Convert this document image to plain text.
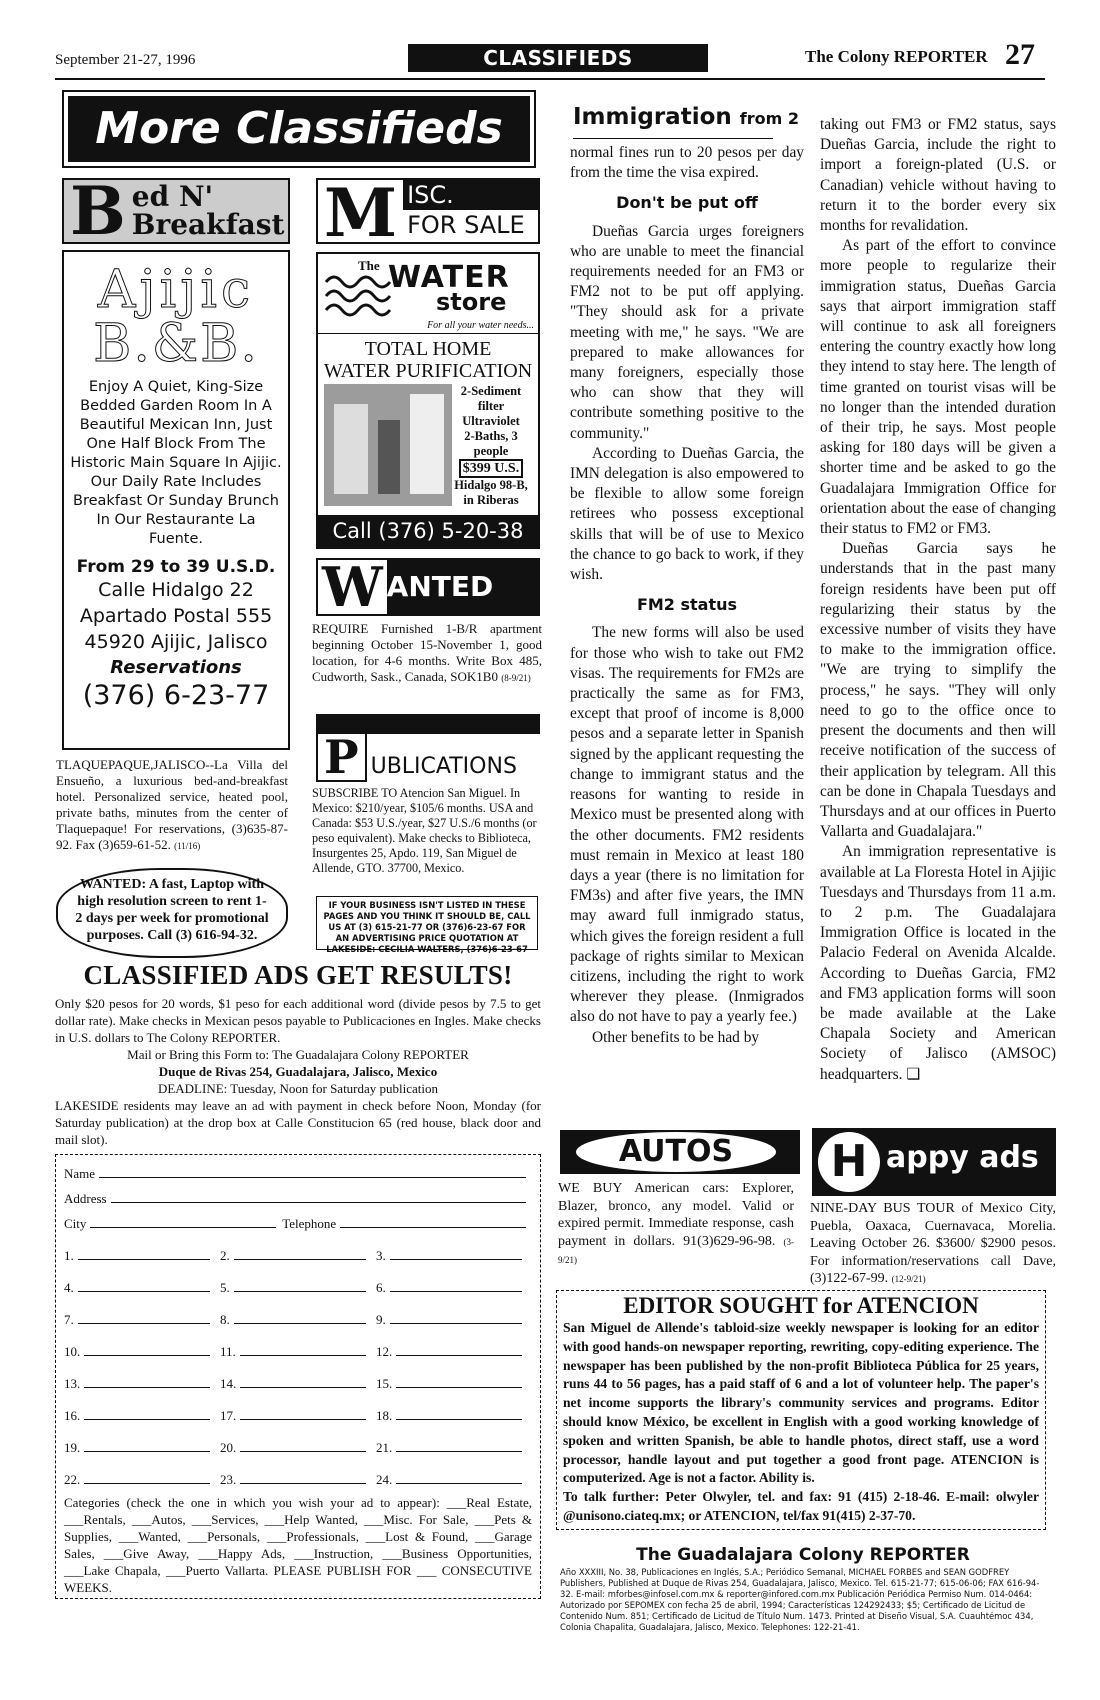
September 21-27, 1996	CLASSIFIEDS	The Colony REPORTER 27
More Classifieds
B ed N'
Breakfast
Ajijic
B.&B.
Enjoy A Quiet, King-Size Bedded Garden Room In A Beautiful Mexican Inn, Just One Half Block From The Historic Main Square In Ajijic. Our Daily Rate Includes Breakfast Or Sunday Brunch In Our Restaurante La Fuente.
From 29 to 39 U.S.D.
Calle Hidalgo 22
Apartado Postal 555
45920 Ajijic, Jalisco
Reservations
(376) 6-23-77

TLAQUEPAQUE,JALISCO--La Villa del Ensueño, a luxurious bed-and-breakfast hotel. Personalized service, heated pool, private baths, minutes from the center of Tlaquepaque! For reservations, (3)635-87-92. Fax (3)659-61-52. (11/16)

WANTED: A fast, Laptop with high resolution screen to rent 1-2 days per week for promotional purposes. Call (3) 616-94-32.
M ISC.
FOR SALE
The WATER
store
For all your water needs...
TOTAL HOME
WATER PURIFICATION
2-Sediment filter
Ultraviolet
2-Baths, 3 people
$399 U.S.
Hidalgo 98-B, in Riberas
Call (376) 5-20-38
W ANTED

REQUIRE Furnished 1-B/R apartment beginning October 15-November 1, good location, for 4-6 months. Write Box 485, Cudworth, Sask., Canada, SOK1B0 (8-9/21)

P UBLICATIONS
SUBSCRIBE TO Atencion San Miguel. In Mexico: $210/year, $105/6 months. USA and Canada: $53 U.S./year, $27 U.S./6 months (or peso equivalent). Make checks to Biblioteca, Insurgentes 25, Apdo. 119, San Miguel de Allende, GTO. 37700, Mexico.
IF YOUR BUSINESS ISN'T LISTED IN THESE PAGES AND YOU THINK IT SHOULD BE, CALL US AT (3) 615-21-77 OR (376)6-23-67 FOR AN ADVERTISING PRICE QUOTATION AT LAKESIDE: CECILIA WALTERS, (376)6-23-67
CLASSIFIED ADS GET RESULTS!

Only $20 pesos for 20 words, $1 peso for each additional word (divide pesos by 7.5 to get dollar rate). Make checks in Mexican pesos payable to Publicaciones en Ingles. Make checks in U.S. dollars to The Colony REPORTER.

Mail or Bring this Form to: The Guadalajara Colony REPORTER
Duque de Rivas 254, Guadalajara, Jalisco, Mexico
DEADLINE: Tuesday, Noon for Saturday publication

LAKESIDE residents may leave an ad with payment in check before Noon, Monday (for Saturday publication) at the drop box at Calle Constitucion 65 (red house, black door and mail slot).

Name
Address
City	Telephone
1.	2.	3.
4.	5.	6.
7.	8.	9.
10.	11.	12.
13.	14.	15.
16.	17.	18.
19.	20.	21.
22.	23.	24.

Categories (check the one in which you wish your ad to appear): ___Real Estate, ___Rentals, ___Autos, ___Services, ___Help Wanted, ___Misc. For Sale, ___Pets & Supplies, ___Wanted, ___Personals, ___Professionals, ___Lost & Found, ___Garage Sales, ___Give Away, ___Happy Ads, ___Instruction, ___Business Opportunities, ___Lake Chapala, ___Puerto Vallarta. PLEASE PUBLISH FOR ___ CONSECUTIVE WEEKS.

Immigration from 2

normal fines run to 20 pesos per day from the time the visa expired.

Don't be put off

Dueñas Garcia urges foreigners who are unable to meet the financial requirements needed for an FM3 or FM2 not to be put off applying. "They should ask for a private meeting with me," he says. "We are prepared to make allowances for many foreigners, especially those who can show that they will contribute something positive to the community."

According to Dueñas Garcia, the IMN delegation is also empowered to be flexible to allow some foreign retirees who possess exceptional skills that will be of use to Mexico the chance to go back to work, if they wish.

FM2 status

The new forms will also be used for those who wish to take out FM2 visas. The requirements for FM2s are practically the same as for FM3, except that proof of income is 8,000 pesos and a separate letter in Spanish signed by the applicant requesting the change to immigrant status and the reasons for wanting to reside in Mexico must be presented along with the other documents. FM2 residents must remain in Mexico at least 180 days a year (there is no limitation for FM3s) and after five years, the IMN may award full inmigrado status, which gives the foreign resident a full package of rights similar to Mexican citizens, including the right to work wherever they please. (Inmigrados also do not have to pay a yearly fee.)

Other benefits to be had by

taking out FM3 or FM2 status, says Dueñas Garcia, include the right to import a foreign-plated (U.S. or Canadian) vehicle without having to return it to the border every six months for revalidation.

As part of the effort to convince more people to regularize their immigration status, Dueñas Garcia says that airport immigration staff will continue to ask all foreigners entering the country exactly how long they intend to stay here. The length of time granted on tourist visas will be no longer than the intended duration of their trip, he says. Most people asking for 180 days will be given a shorter time and be asked to go the Guadalajara Immigration Office for orientation about the ease of changing their status to FM2 or FM3.

Dueñas Garcia says he understands that in the past many foreign residents have been put off regularizing their status by the excessive number of visits they have to make to the immigration office. "We are trying to simplify the process," he says. "They will only need to go to the office once to present the documents and then will receive notification of the success of their application by telegram. All this can be done in Chapala Tuesdays and Thursdays and at our offices in Puerto Vallarta and Guadalajara."

An immigration representative is available at La Floresta Hotel in Ajijic Tuesdays and Thursdays from 11 a.m. to 2 p.m. The Guadalajara Immigration Office is located in the Palacio Federal on Avenida Alcalde. According to Dueñas Garcia, FM2 and FM3 application forms will soon be made available at the Lake Chapala Society and American Society of Jalisco (AMSOC) headquarters. ❑

AUTOS

WE BUY American cars: Explorer, Blazer, bronco, any model. Valid or expired permit. Immediate response, cash payment in dollars. 91(3)629-96-98. (3-9/21)

H appy ads

NINE-DAY BUS TOUR of Mexico City, Puebla, Oaxaca, Cuernavaca, Morelia. Leaving October 26. $3600/ $2900 pesos. For information/reservations call Dave, (3)122-67-99. (12-9/21)

EDITOR SOUGHT for ATENCION

San Miguel de Allende's tabloid-size weekly newspaper is looking for an editor with good hands-on newspaper reporting, rewriting, copy-editing experience. The newspaper has been published by the non-profit Biblioteca Pública for 25 years, runs 44 to 56 pages, has a paid staff of 6 and a lot of volunteer help. The paper's net income supports the library's community services and programs. Editor should know México, be excellent in English with a good working knowledge of spoken and written Spanish, be able to handle photos, direct staff, use a word processor, handle layout and put together a good front page. ATENCION is computerized. Age is not a factor. Ability is.

To talk further: Peter Olwyler, tel. and fax: 91 (415) 2-18-46. E-mail: olwyler @unisono.ciateq.mx; or ATENCION, tel/fax 91(415) 2-37-70.

The Guadalajara Colony REPORTER

Año XXXIII, No. 38, Publicaciones en Inglés, S.A.; Periódico Semanal, MICHAEL FORBES and SEAN GODFREY Publishers, Published at Duque de Rivas 254, Guadalajara, Jalisco, Mexico. Tel. 615-21-77; 615-06-06; FAX 616-94-32. E-mail: mforbes@infosel.com.mx & reporter@infored.com.mx Publicación Periódica Permiso Num. 014-0464: Autorizado por SEPOMEX con fecha 25 de abril, 1994; Características 124292433; $5; Certificado de Licitud de Contenido Num. 851; Certificado de Licitud de Título Num. 1473. Printed at Diseño Visual, S.A. Cuauhtémoc 434, Colonia Chapalita, Guadalajara, Jalisco, Mexico. Telephones: 122-21-41.
